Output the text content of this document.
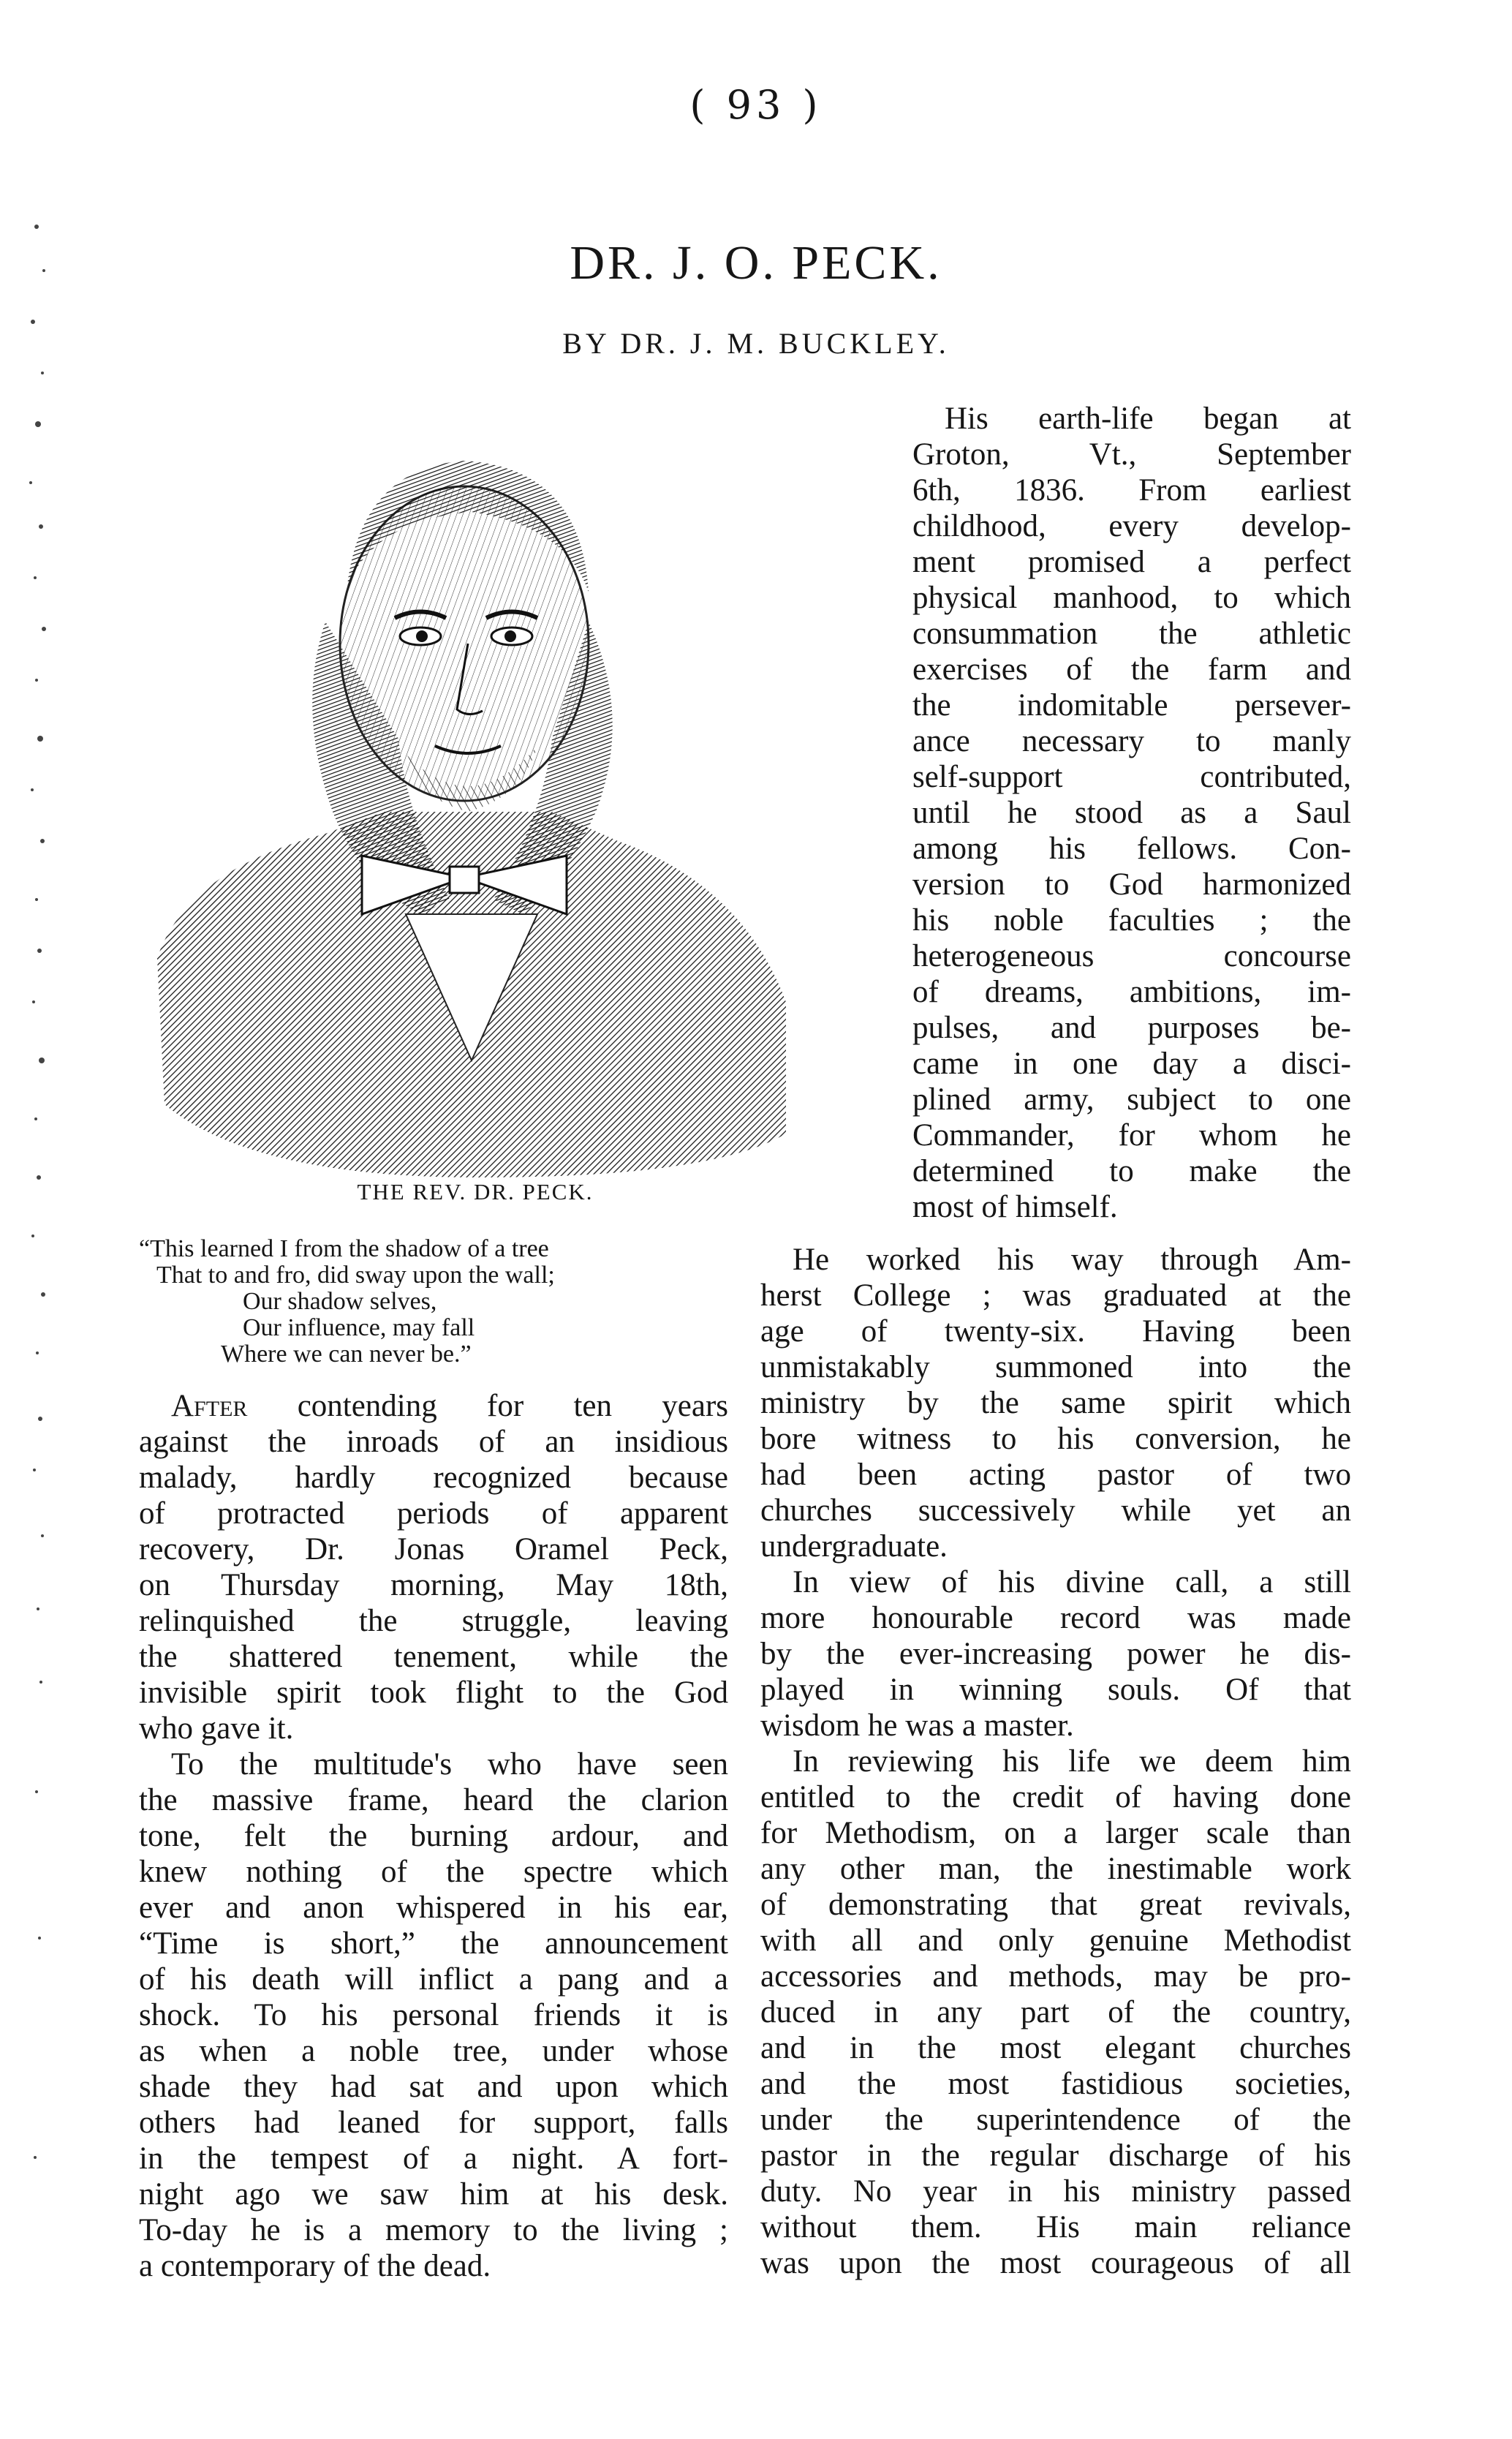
( 93 )
DR. J. O. PECK.
BY DR. J. M. BUCKLEY.
THE REV. DR. PECK.
“This learned I from the shadow of a tree
That to and fro, did sway upon the wall;
Our shadow selves,
Our influence, may fall
Where we can never be.”
His earth-life began at
Groton, Vt., September
6th, 1836. From earliest
childhood, every develop-
ment promised a perfect
physical manhood, to which
consummation the athletic
exercises of the farm and
the indomitable persever-
ance necessary to manly
self-support contributed,
until he stood as a Saul
among his fellows. Con-
version to God harmonized
his noble faculties ; the
heterogeneous concourse
of dreams, ambitions, im-
pulses, and purposes be-
came in one day a disci-
plined army, subject to one
Commander, for whom he
determined to make the
most of himself.
After contending for ten years
against the inroads of an insidious
malady, hardly recognized because
of protracted periods of apparent
recovery, Dr. Jonas Oramel Peck,
on Thursday morning, May 18th,
relinquished the struggle, leaving
the shattered tenement, while the
invisible spirit took flight to the God
who gave it.
To the multitude's who have seen
the massive frame, heard the clarion
tone, felt the burning ardour, and
knew nothing of the spectre which
ever and anon whispered in his ear,
“Time is short,” the announcement
of his death will inflict a pang and a
shock. To his personal friends it is
as when a noble tree, under whose
shade they had sat and upon which
others had leaned for support, falls
in the tempest of a night. A fort-
night ago we saw him at his desk.
To-day he is a memory to the living ;
a contemporary of the dead.
He worked his way through Am-
herst College ; was graduated at the
age of twenty-six. Having been
unmistakably summoned into the
ministry by the same spirit which
bore witness to his conversion, he
had been acting pastor of two
churches successively while yet an
undergraduate.
In view of his divine call, a still
more honourable record was made
by the ever-increasing power he dis-
played in winning souls. Of that
wisdom he was a master.
In reviewing his life we deem him
entitled to the credit of having done
for Methodism, on a larger scale than
any other man, the inestimable work
of demonstrating that great revivals,
with all and only genuine Methodist
accessories and methods, may be pro-
duced in any part of the country,
and in the most elegant churches
and the most fastidious societies,
under the superintendence of the
pastor in the regular discharge of his
duty. No year in his ministry passed
without them. His main reliance
was upon the most courageous of all
